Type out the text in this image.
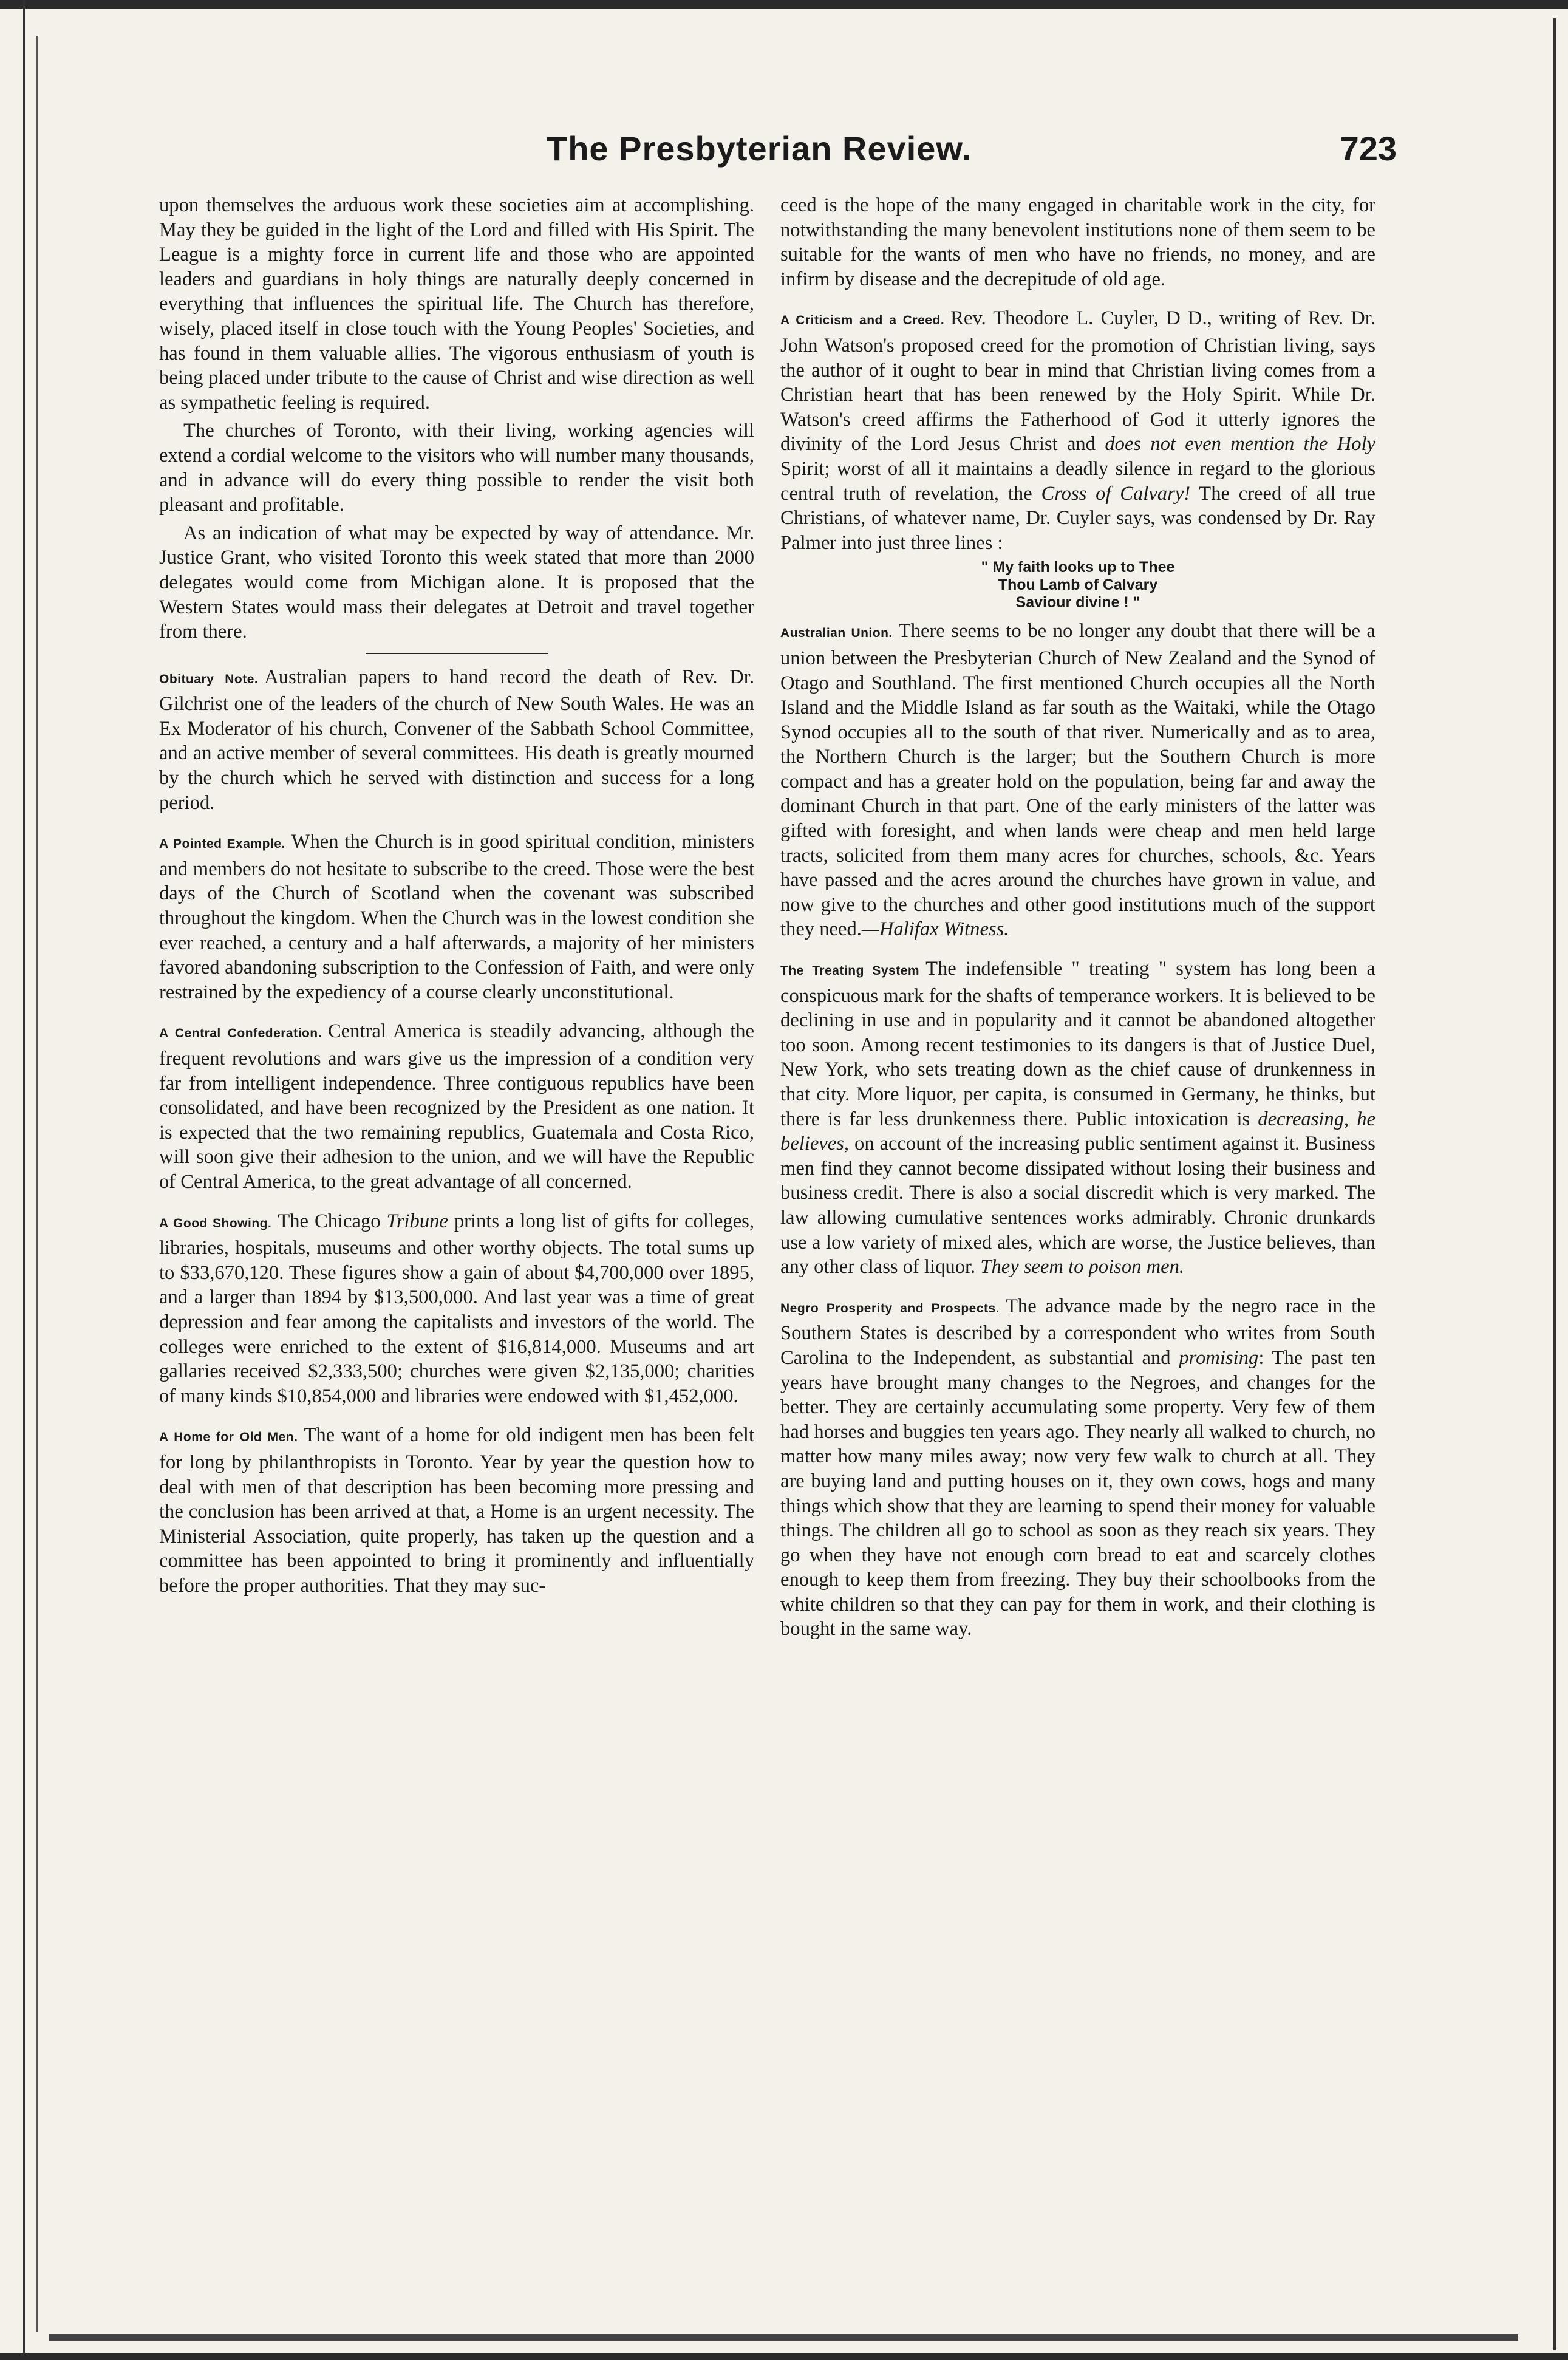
The Presbyterian Review.	723

upon themselves the arduous work these societies aim at accomplishing. May they be guided in the light of the Lord and filled with His Spirit. The League is a mighty force in current life and those who are appointed leaders and guardians in holy things are naturally deeply concerned in everything that influences the spiritual life. The Church has therefore, wisely, placed itself in close touch with the Young Peoples' Societies, and has found in them valuable allies. The vigorous enthusiasm of youth is being placed under tribute to the cause of Christ and wise direction as well as sympathetic feeling is required.

The churches of Toronto, with their living, working agencies will extend a cordial welcome to the visitors who will number many thousands, and in advance will do every thing possible to render the visit both pleasant and profitable.

As an indication of what may be expected by way of attendance. Mr. Justice Grant, who visited Toronto this week stated that more than 2000 delegates would come from Michigan alone. It is proposed that the Western States would mass their delegates at Detroit and travel together from there.

Obituary Note. Australian papers to hand record the death of Rev. Dr. Gilchrist one of the leaders of the church of New South Wales. He was an Ex Moderator of his church, Convener of the Sabbath School Committee, and an active member of several committees. His death is greatly mourned by the church which he served with distinction and success for a long period.

A Pointed Example. When the Church is in good spiritual condition, ministers and members do not hesitate to subscribe to the creed. Those were the best days of the Church of Scotland when the covenant was subscribed throughout the kingdom. When the Church was in the lowest condition she ever reached, a century and a half afterwards, a majority of her ministers favored abandoning subscription to the Confession of Faith, and were only restrained by the expediency of a course clearly unconstitutional.

A Central Confederation. Central America is steadily advancing, although the frequent revolutions and wars give us the impression of a condition very far from intelligent independence. Three contiguous republics have been consolidated, and have been recognized by the President as one nation. It is expected that the two remaining republics, Guatemala and Costa Rico, will soon give their adhesion to the union, and we will have the Republic of Central America, to the great advantage of all concerned.

A Good Showing. The Chicago Tribune prints a long list of gifts for colleges, libraries, hospitals, museums and other worthy objects. The total sums up to $33,670,120. These figures show a gain of about $4,700,000 over 1895, and a larger than 1894 by $13,500,000. And last year was a time of great depression and fear among the capitalists and investors of the world. The colleges were enriched to the extent of $16,814,000. Museums and art gallaries received $2,333,500; churches were given $2,135,000; charities of many kinds $10,854,000 and libraries were endowed with $1,452,000.

A Home for Old Men. The want of a home for old indigent men has been felt for long by philanthropists in Toronto. Year by year the question how to deal with men of that description has been becoming more pressing and the conclusion has been arrived at that, a Home is an urgent necessity. The Ministerial Association, quite properly, has taken up the question and a committee has been appointed to bring it prominently and influentially before the proper authorities. That they may suc-

ceed is the hope of the many engaged in charitable work in the city, for notwithstanding the many benevolent institutions none of them seem to be suitable for the wants of men who have no friends, no money, and are infirm by disease and the decrepitude of old age.

A Criticism and a Creed. Rev. Theodore L. Cuyler, D D., writing of Rev. Dr. John Watson's proposed creed for the promotion of Christian living, says the author of it ought to bear in mind that Christian living comes from a Christian heart that has been renewed by the Holy Spirit. While Dr. Watson's creed affirms the Fatherhood of God it utterly ignores the divinity of the Lord Jesus Christ and does not even mention the Holy Spirit; worst of all it maintains a deadly silence in regard to the glorious central truth of revelation, the Cross of Calvary! The creed of all true Christians, of whatever name, Dr. Cuyler says, was condensed by Dr. Ray Palmer into just three lines :

" My faith looks up to Thee
Thou Lamb of Calvary
Saviour divine ! "

Australian Union. There seems to be no longer any doubt that there will be a union between the Presbyterian Church of New Zealand and the Synod of Otago and Southland. The first mentioned Church occupies all the North Island and the Middle Island as far south as the Waitaki, while the Otago Synod occupies all to the south of that river. Numerically and as to area, the Northern Church is the larger; but the Southern Church is more compact and has a greater hold on the population, being far and away the dominant Church in that part. One of the early ministers of the latter was gifted with foresight, and when lands were cheap and men held large tracts, solicited from them many acres for churches, schools, &c. Years have passed and the acres around the churches have grown in value, and now give to the churches and other good institutions much of the support they need.—Halifax Witness.

The Treating System The indefensible " treating " system has long been a conspicuous mark for the shafts of temperance workers. It is believed to be declining in use and in popularity and it cannot be abandoned altogether too soon. Among recent testimonies to its dangers is that of Justice Duel, New York, who sets treating down as the chief cause of drunkenness in that city. More liquor, per capita, is consumed in Germany, he thinks, but there is far less drunkenness there. Public intoxication is decreasing, he believes, on account of the increasing public sentiment against it. Business men find they cannot become dissipated without losing their business and business credit. There is also a social discredit which is very marked. The law allowing cumulative sentences works admirably. Chronic drunkards use a low variety of mixed ales, which are worse, the Justice believes, than any other class of liquor. They seem to poison men.

Negro Prosperity and Prospects. The advance made by the negro race in the Southern States is described by a correspondent who writes from South Carolina to the Independent, as substantial and promising: The past ten years have brought many changes to the Negroes, and changes for the better. They are certainly accumulating some property. Very few of them had horses and buggies ten years ago. They nearly all walked to church, no matter how many miles away; now very few walk to church at all. They are buying land and putting houses on it, they own cows, hogs and many things which show that they are learning to spend their money for valuable things. The children all go to school as soon as they reach six years. They go when they have not enough corn bread to eat and scarcely clothes enough to keep them from freezing. They buy their schoolbooks from the white children so that they can pay for them in work, and their clothing is bought in the same way.
